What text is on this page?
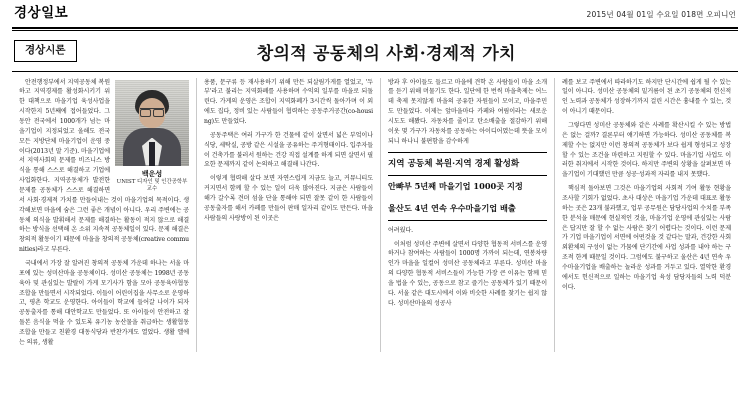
경상일보	2015년 04월 01일 수요일 018면 오피니언
경상시론	창의적 공동체의 사회·경제적 가치
백운성
UNIST 디자인 및 인간공학부 교수

안전행정부에서 지역공동체 복원하고 지역경제를 활성화시키기 위한 대책으로 마을기업 육성사업을 시작한지 5년째에 접어들었다. 그 동안 전국에서 1000개가 넘는 마을기업이 지정되었고 올해도 전국 모든 지방단체 마을기업이 운영 중이다(2013년 말 기준). 마을기업에서 지역사회의 문제를 비즈니스 방식을 통해 스스로 해결하고 기업에 사업화한다. 지역공동체가 발전한 문제를 공동체가 스스로 해결하면서 사회·경제적 가치를 만들어내는 것이 마을기업의 목적이다. 생각해보면 마을에 숨은 그런 좋은 개념이 아니다. 우리 주변에는 공동체 의식을 발휘해서 문제를 해결하는 활동이 적지 않으로 해결하는 방식을 선택해 온 소위 지속적 공동체일이 있다. 문제 해결은 창의적 활동이기 때문에 마을을 창의적 공동체(creative communities)라고 부른다.

국내에서 가장 잘 알려진 창의적 공동체 가운데 하나는 서울 마포에 있는 성미산마을 공동체이다. 성미산 공동체는 1998년 공동육아 및 관심있는 발랄이 가게 모기사가 함을 모아 공동육아협동조합을 만들면서 시작되었다. 이들이 어린이집을 사무소로 운영하고, 평촌 학교도 운영한다. 아이들이 학교에 들어갈 나이가 되자 공동출자를 통해 대안학교도 만들었다. 또 아이들이 안전하고 잘 돌본 음식을 먹을 수 있도록 유기농 농산물을 취급하는 생활협동조합을 만들고 친환경 대동식당과 반찬가게도 열었다. 생활 앨에는 의류, 생활

용품, 문구류 등 재사용하기 위해 만든 되살림가게를 열었고, '두부'라고 불리는 지역화폐를 사용하며 수익의 일부를 마을로 되돌린다. 가게의 운영은 조합이 지역화폐가 3시간씩 돌아가며 이 외에도 집다, 정비 있는 사람들이 협력하는 공동주거공간(co-housing)도 만들었다.

공동주택은 여러 가구가 한 건물에 같이 살면서 넓은 부엌이나 식당, 세탁실, 공방 같은 시설을 공유하는 주거형태이다. 입주자들이 건축가를 불러서 원하는 건강 직접 설계를 하게 되면 살면서 필요한 문제까지 같이 논의하고 해결해 나간다.

이렇게 협력해 살다 보면 자연스럽게 지금도 늘고, 커뮤니티도 커지면서 함께 할 수 있는 일이 더욱 많아진다. 지금은 사람들이 해가 갈수록 견뎌 섬을 단을 통해야 되면 잘못 같이 한 사람들이 공동출자를 해서 카페를 만들어 판매 일자리 같이도 만든다. 마을 사람들의 사랑방이 된 이곳은

방과 후 아이들도 들르고 마을에 견학 온 사람들이 마을 소개를 듣기 위해 머물기도 한다. 일단에 한 번씩 마을축제는 어느데 축제 못지않게 마을의 공유한 자원들이 모이고, 마을주민도 만들었다. 이제는 앞마을마다 카페와 여림이라는 새로운 시도도 해봤다. 자동차를 줄이고 탄소배출을 절감하기 위해 이웃 몇 가구가 자동차를 공동하는 아이디어였는데 뜻을 모이 되니 하나니 불편함을 감수하게

지역 공동체 복원·지역 경제 활성화
안뺘부 5년째 마을기업 1000곳 지정
울산도 4년 연속 우수마을기업 배출

어려웠다.

이처럼 성미산 주변에 살면서 다양한 협동적 서비스를 운영하거나 참여하는 사람들이 1000명 가까이 되는데, 연봉차량인가 마을을 일컬어 성미산 공동체라고 부른다. 성미산 마을의 다양한 협동적 서비스들이 가능한 가장 큰 이유는 함께 믿을 법을 수 있는, 공동으로 참고 즐기는 공동체가 있기 때문이다. 서울 같은 대도시에서 이와 비슷한 사례를 찾기는 쉽지 않다. 성미산마을의 성공사

례를 보고 주변에서 따라하기도 하지만 단시간에 쉽게 될 수 있는 일이 아니다. 성미산 공동체의 밑거름이 된 초기 공동체의 헌신적인 노력과 공동체가 성장하기까지 걸린 시간은 흉내를 수 있는, 것이 아니기 때문이다.

그렇다면 성미산 공동체와 같은 사례를 확산시킬 수 있는 방법은 없는 걸까? 결론부터 얘기하면 가능하다. 성미산 공동체를 복제할 수는 없지만 이런 창의적 공동체가 보다 쉽게 형성되고 성장할 수 있는 조건을 마련하고 지원할 수 있다. 마을기업 사업도 이러한 취지에서 시작한 것이다. 하지만 주변의 상황을 살펴보면 마을기업이 기대했던 만큼 성공·성과적 자리를 내지 못했다.

핵심적 돌아보면 그것은 마을기업의 사회적 기여 활동 현황을 조사할 기회가 없었다. 초사 대상은 마을기업 가운데 대표로 활동하는 곳은 23개 불과했고, 업부 공무원은 담당사업의 수치를 부족한 분석을 매문에 현실적인 것을, 마을기업 운영에 관심있는 사람은 답지만 잘 할 수 없는 사람은 찾기 어렵다는 것이다. 이런 문제가 기업 마을기업이 서면에 어떤것을 것 같다는 말과, 건강한 사회외환체의 구성이 없는 가뭄에 단기간에 사업 성과를 내야 하는 구조적 한계 때문일 것이다. 그럼에도 불구하고 울산은 4년 연속 우수마을기업을 배출하는 놀라운 성과를 거두고 있다. 열악한 환경에서도 헌신적으로 일하는 마을기업 육성 담당자들의 노력 덕분이다.
